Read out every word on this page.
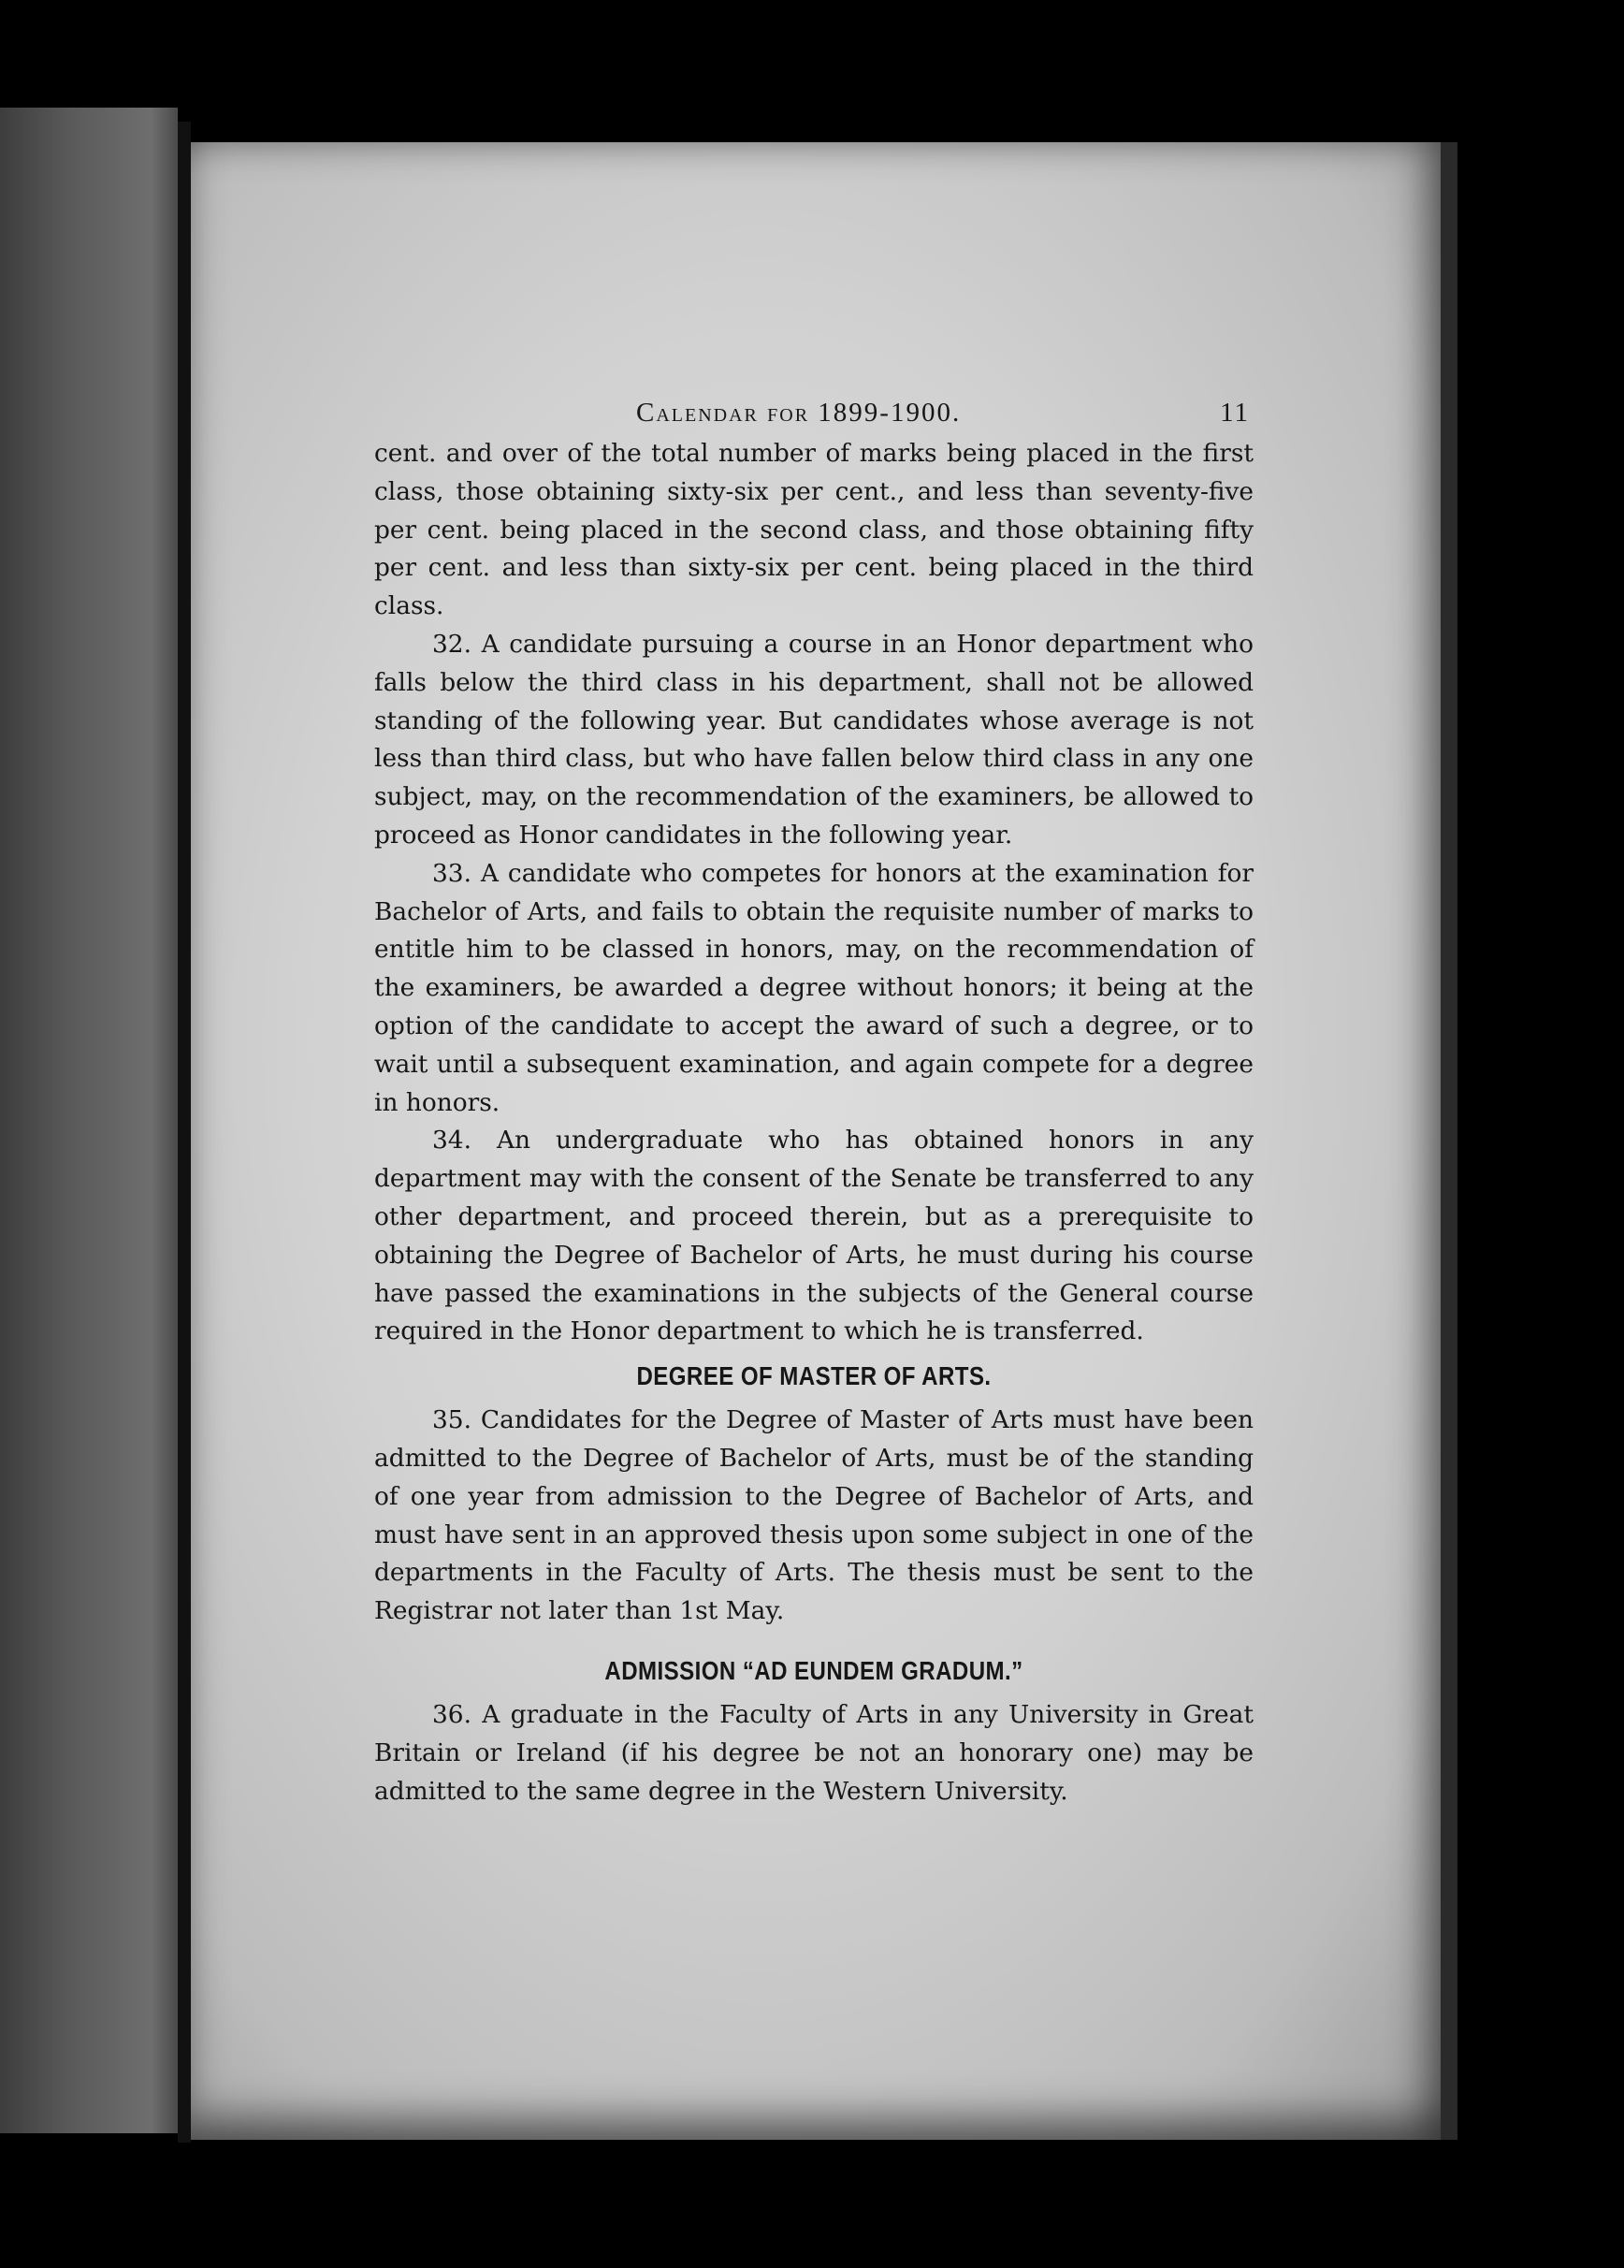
Calendar for 1899-1900.	11

cent. and over of the total number of marks being placed in the first class, those obtaining sixty-six per cent., and less than seventy-five per cent. being placed in the second class, and those obtaining fifty per cent. and less than sixty-six per cent. being placed in the third class.

32. A candidate pursuing a course in an Honor department who falls below the third class in his department, shall not be allowed standing of the following year. But candidates whose average is not less than third class, but who have fallen below third class in any one subject, may, on the recommendation of the examiners, be allowed to proceed as Honor candidates in the following year.

33. A candidate who competes for honors at the examination for Bachelor of Arts, and fails to obtain the requisite number of marks to entitle him to be classed in honors, may, on the recommendation of the examiners, be awarded a degree without honors; it being at the option of the candidate to accept the award of such a degree, or to wait until a subsequent examination, and again compete for a degree in honors.

34. An undergraduate who has obtained honors in any department may with the consent of the Senate be transferred to any other department, and proceed therein, but as a prerequisite to obtaining the Degree of Bachelor of Arts, he must during his course have passed the examinations in the subjects of the General course required in the Honor department to which he is transferred.

DEGREE OF MASTER OF ARTS.

35. Candidates for the Degree of Master of Arts must have been admitted to the Degree of Bachelor of Arts, must be of the standing of one year from admission to the Degree of Bachelor of Arts, and must have sent in an approved thesis upon some subject in one of the departments in the Faculty of Arts. The thesis must be sent to the Registrar not later than 1st May.

ADMISSION “AD EUNDEM GRADUM.”

36. A graduate in the Faculty of Arts in any University in Great Britain or Ireland (if his degree be not an honorary one) may be admitted to the same degree in the Western University.
